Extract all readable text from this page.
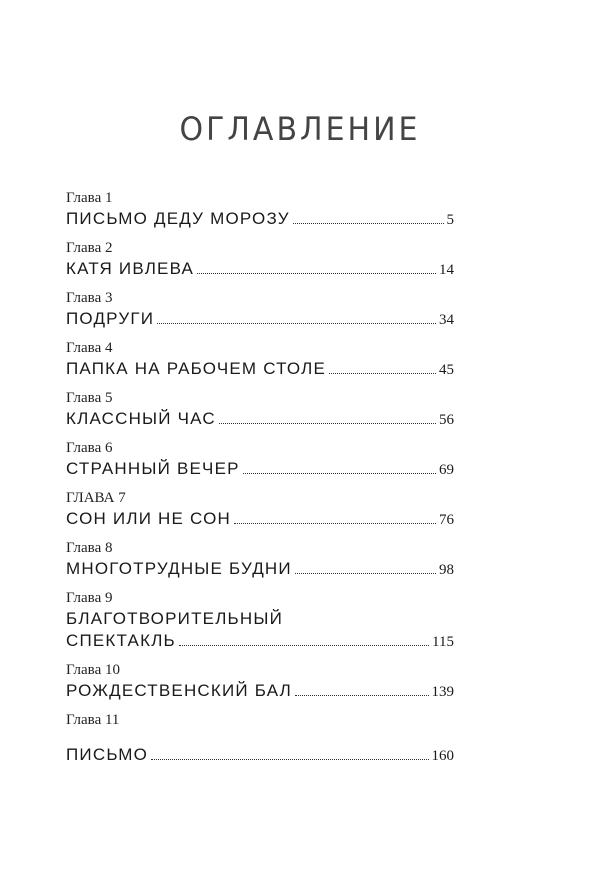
ОГЛАВЛЕНИЕ
Глава 1
ПИСЬМО ДЕДУ МОРОЗУ	5
Глава 2
КАТЯ ИВЛЕВА	14
Глава 3
ПОДРУГИ	34
Глава 4
ПАПКА НА РАБОЧЕМ СТОЛЕ	45
Глава 5
КЛАССНЫЙ ЧАС	56
Глава 6
СТРАННЫЙ ВЕЧЕР	69
ГЛАВА 7
СОН ИЛИ НЕ СОН	76
Глава 8
МНОГОТРУДНЫЕ БУДНИ	98
Глава 9
БЛАГОТВОРИТЕЛЬНЫЙ
СПЕКТАКЛЬ	115
Глава 10
РОЖДЕСТВЕНСКИЙ БАЛ	139
Глава 11
ПИСЬМО	160
